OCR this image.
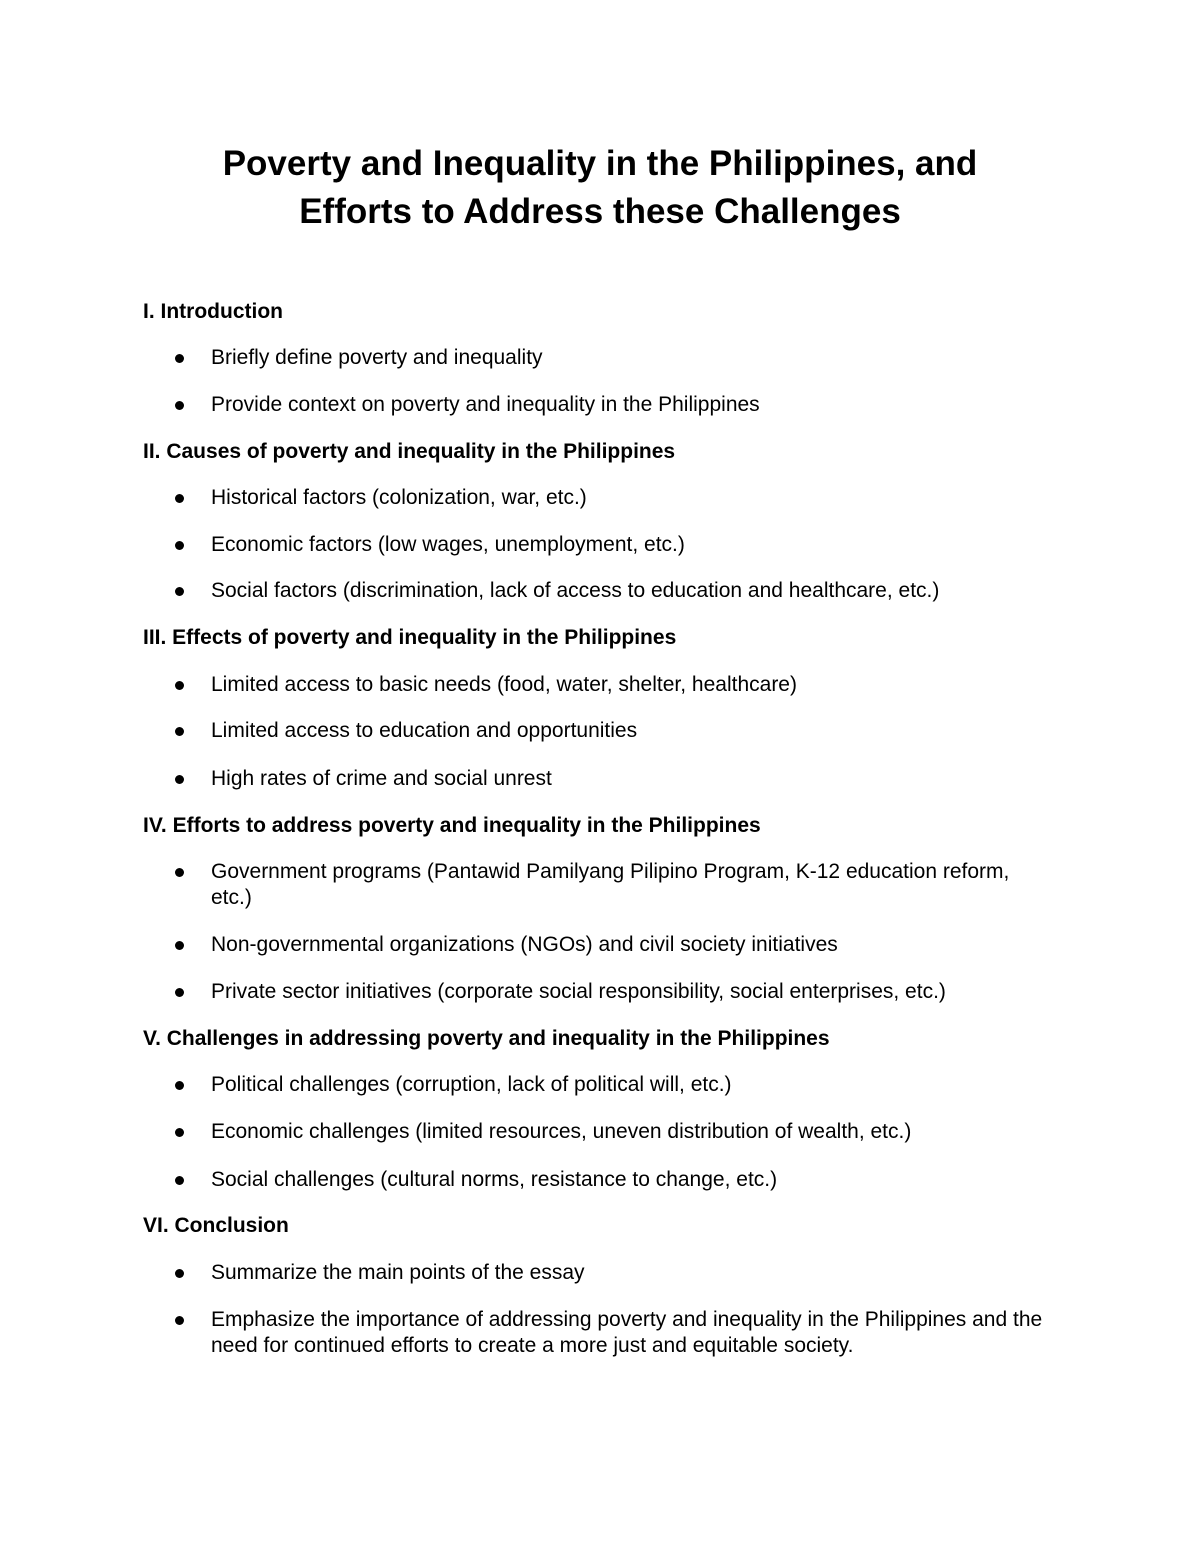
Poverty and Inequality in the Philippines, and
Efforts to Address these Challenges

I. Introduction

Briefly define poverty and inequality
Provide context on poverty and inequality in the Philippines

II. Causes of poverty and inequality in the Philippines

Historical factors (colonization, war, etc.)
Economic factors (low wages, unemployment, etc.)
Social factors (discrimination, lack of access to education and healthcare, etc.)

III. Effects of poverty and inequality in the Philippines

Limited access to basic needs (food, water, shelter, healthcare)
Limited access to education and opportunities
High rates of crime and social unrest

IV. Efforts to address poverty and inequality in the Philippines

Government programs (Pantawid Pamilyang Pilipino Program, K-12 education reform, etc.)
Non-governmental organizations (NGOs) and civil society initiatives
Private sector initiatives (corporate social responsibility, social enterprises, etc.)

V. Challenges in addressing poverty and inequality in the Philippines

Political challenges (corruption, lack of political will, etc.)
Economic challenges (limited resources, uneven distribution of wealth, etc.)
Social challenges (cultural norms, resistance to change, etc.)

VI. Conclusion

Summarize the main points of the essay
Emphasize the importance of addressing poverty and inequality in the Philippines and the need for continued efforts to create a more just and equitable society.
